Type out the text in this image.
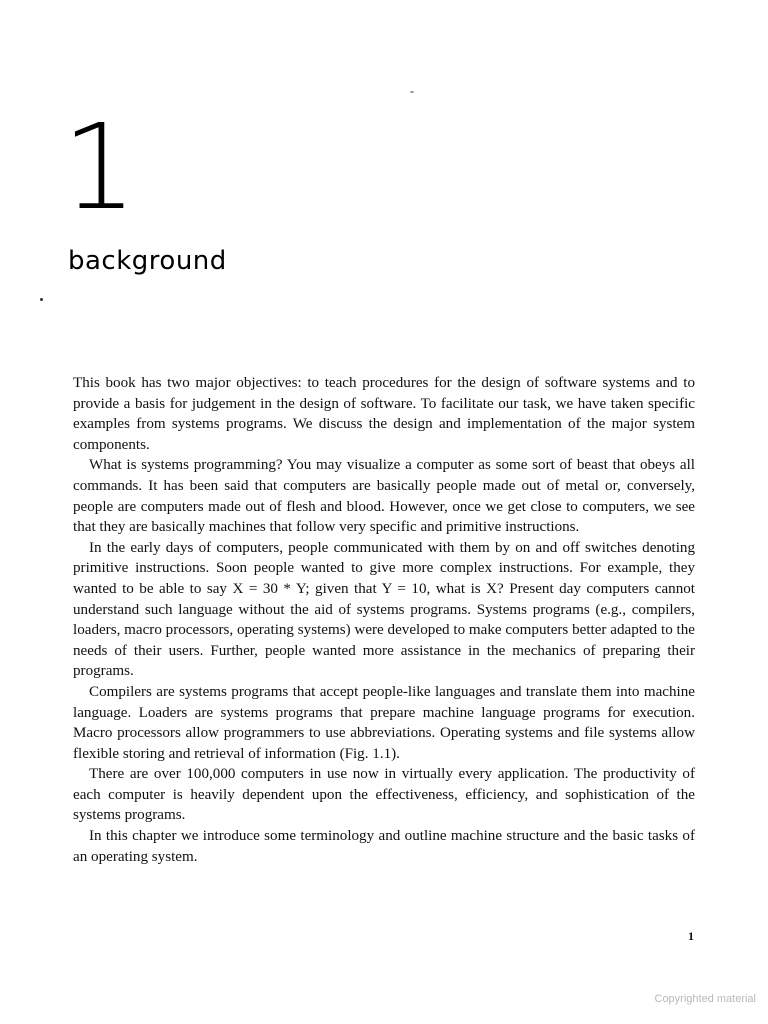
1
background

This book has two major objectives: to teach procedures for the design of software systems and to provide a basis for judgement in the design of software. To facilitate our task, we have taken specific examples from systems programs. We discuss the design and implementation of the major system components.

What is systems programming? You may visualize a computer as some sort of beast that obeys all commands. It has been said that computers are basically people made out of metal or, conversely, people are computers made out of flesh and blood. However, once we get close to computers, we see that they are basically machines that follow very specific and primitive instructions.

In the early days of computers, people communicated with them by on and off switches denoting primitive instructions. Soon people wanted to give more complex instructions. For example, they wanted to be able to say X = 30 * Y; given that Y = 10, what is X? Present day computers cannot understand such language without the aid of systems programs. Systems programs (e.g., compilers, loaders, macro processors, operating systems) were developed to make computers better adapted to the needs of their users. Further, people wanted more assistance in the mechanics of preparing their programs.

Compilers are systems programs that accept people-like languages and translate them into machine language. Loaders are systems programs that prepare machine language programs for execution. Macro processors allow programmers to use abbreviations. Operating systems and file systems allow flexible storing and retrieval of information (Fig. 1.1).

There are over 100,000 computers in use now in virtually every application. The productivity of each computer is heavily dependent upon the effectiveness, efficiency, and sophistication of the systems programs.

In this chapter we introduce some terminology and outline machine structure and the basic tasks of an operating system.

1
Copyrighted material
